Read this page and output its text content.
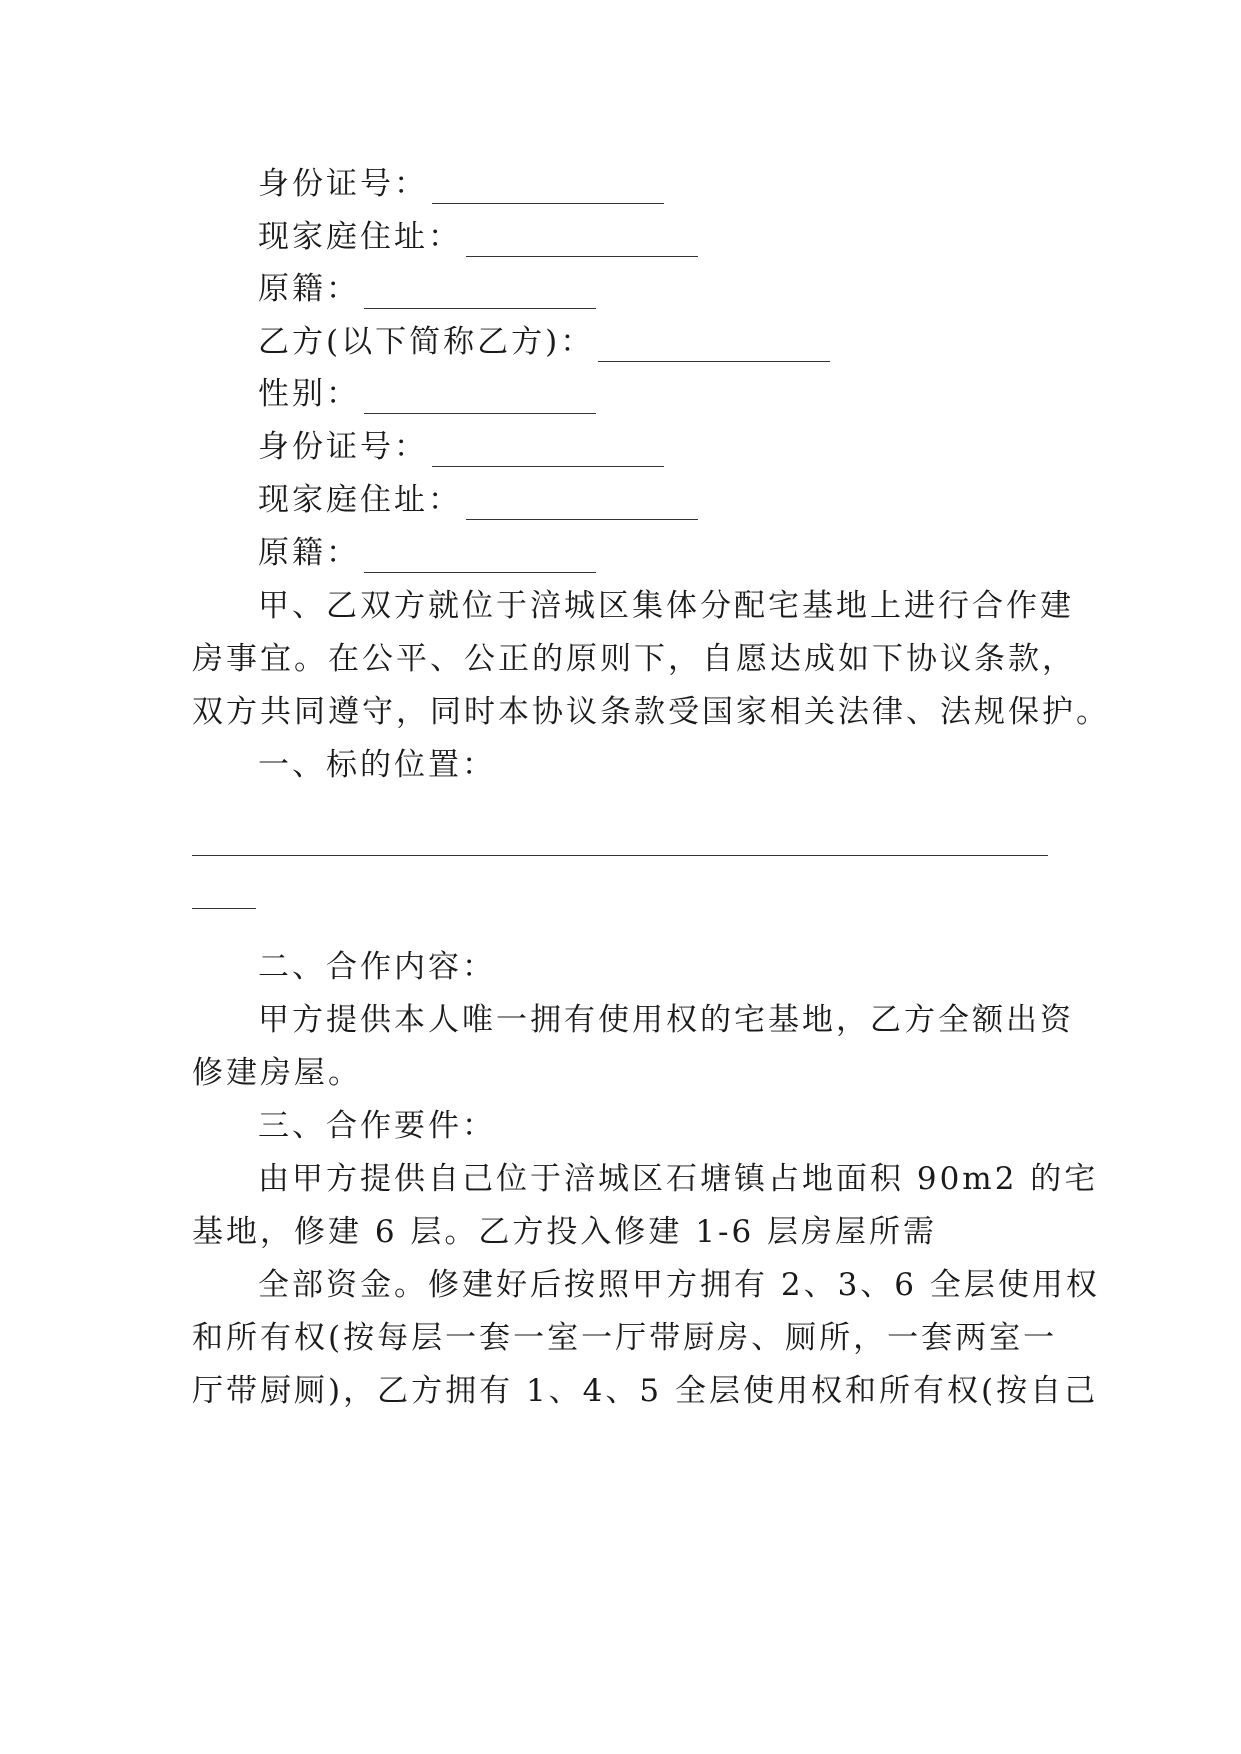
身份证号：

现家庭住址：

原籍：

乙方(以下简称乙方)：

性别：

身份证号：

现家庭住址：

原籍：

甲、乙双方就位于涪城区集体分配宅基地上进行合作建

房事宜。在公平、公正的原则下，自愿达成如下协议条款，

双方共同遵守，同时本协议条款受国家相关法律、法规保护。

一、标的位置：

二、合作内容：

甲方提供本人唯一拥有使用权的宅基地，乙方全额出资

修建房屋。

三、合作要件：

由甲方提供自己位于涪城区石塘镇占地面积 90m2 的宅

基地，修建 6 层。乙方投入修建 1-6 层房屋所需

全部资金。修建好后按照甲方拥有 2、3、6 全层使用权

和所有权(按每层一套一室一厅带厨房、厕所，一套两室一

厅带厨厕)，乙方拥有 1、4、5 全层使用权和所有权(按自己
